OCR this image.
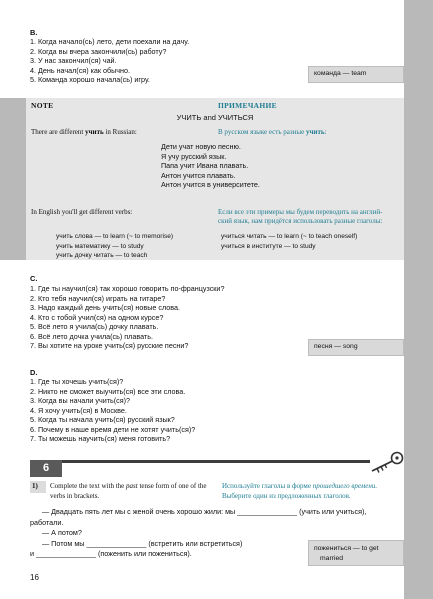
B.
1. Когда начало(сь) лето, дети поехали на дачу.
2. Когда вы вчера закончили(сь) работу?
3. У нас закончил(ся) чай.
4. День начал(ся) как обычно.
5. Команда хорошо начала(сь) игру.
команда — team
NOTE	ПРИМЕЧАНИЕ
УЧИТЬ and УЧИТЬСЯ
There are different учить in Russian:	В русском языке есть разные учить:
Дети учат новую песню.
Я учу русский язык.
Папа учит Ивана плавать.
Антон учится плавать.
Антон учится в университете.
In English you'll get different verbs:	Если все эти примеры мы будем переводить на англий-
ский язык, нам придётся использовать разные глаголы:
учить слова — to learn (~ to memorise)
учить математику — to study
учить дочку читать — to teach
учиться читать — to learn (~ to teach oneself)
учиться в институте — to study
C.
1. Где ты научил(ся) так хорошо говорить по-французски?
2. Кто тебя научил(ся) играть на гитаре?
3. Надо каждый день учить(ся) новые слова.
4. Кто с тобой учил(ся) на одном курсе?
5. Всё лето я учила(сь) дочку плавать.
6. Всё лето дочка учила(сь) плавать.
7. Вы хотите на уроке учить(ся) русские песни?	песня — song
D.
1. Где ты хочешь учить(ся)?
2. Никто не сможет выучить(ся) все эти слова.
3. Когда вы начали учить(ся)?
4. Я хочу учить(ся) в Москве.
5. Когда ты начала учить(ся) русский язык?
6. Почему в наше время дети не хотят учить(ся)?
7. Ты можешь научить(ся) меня готовить?
6
1) Complete the text with the past tense form of one of the
verbs in brackets.
Используйте глаголы в форме прошедшего времени.
Выберите один из предложенных глаголов.
— Двадцать пять лет мы с женой очень хорошо жили: мы _______________ (учить или учиться),
работали.
— А потом?
— Потом мы _______________ (встретить или встретиться)
и _______________ (поженить или пожениться).
пожениться — to get
married
16
